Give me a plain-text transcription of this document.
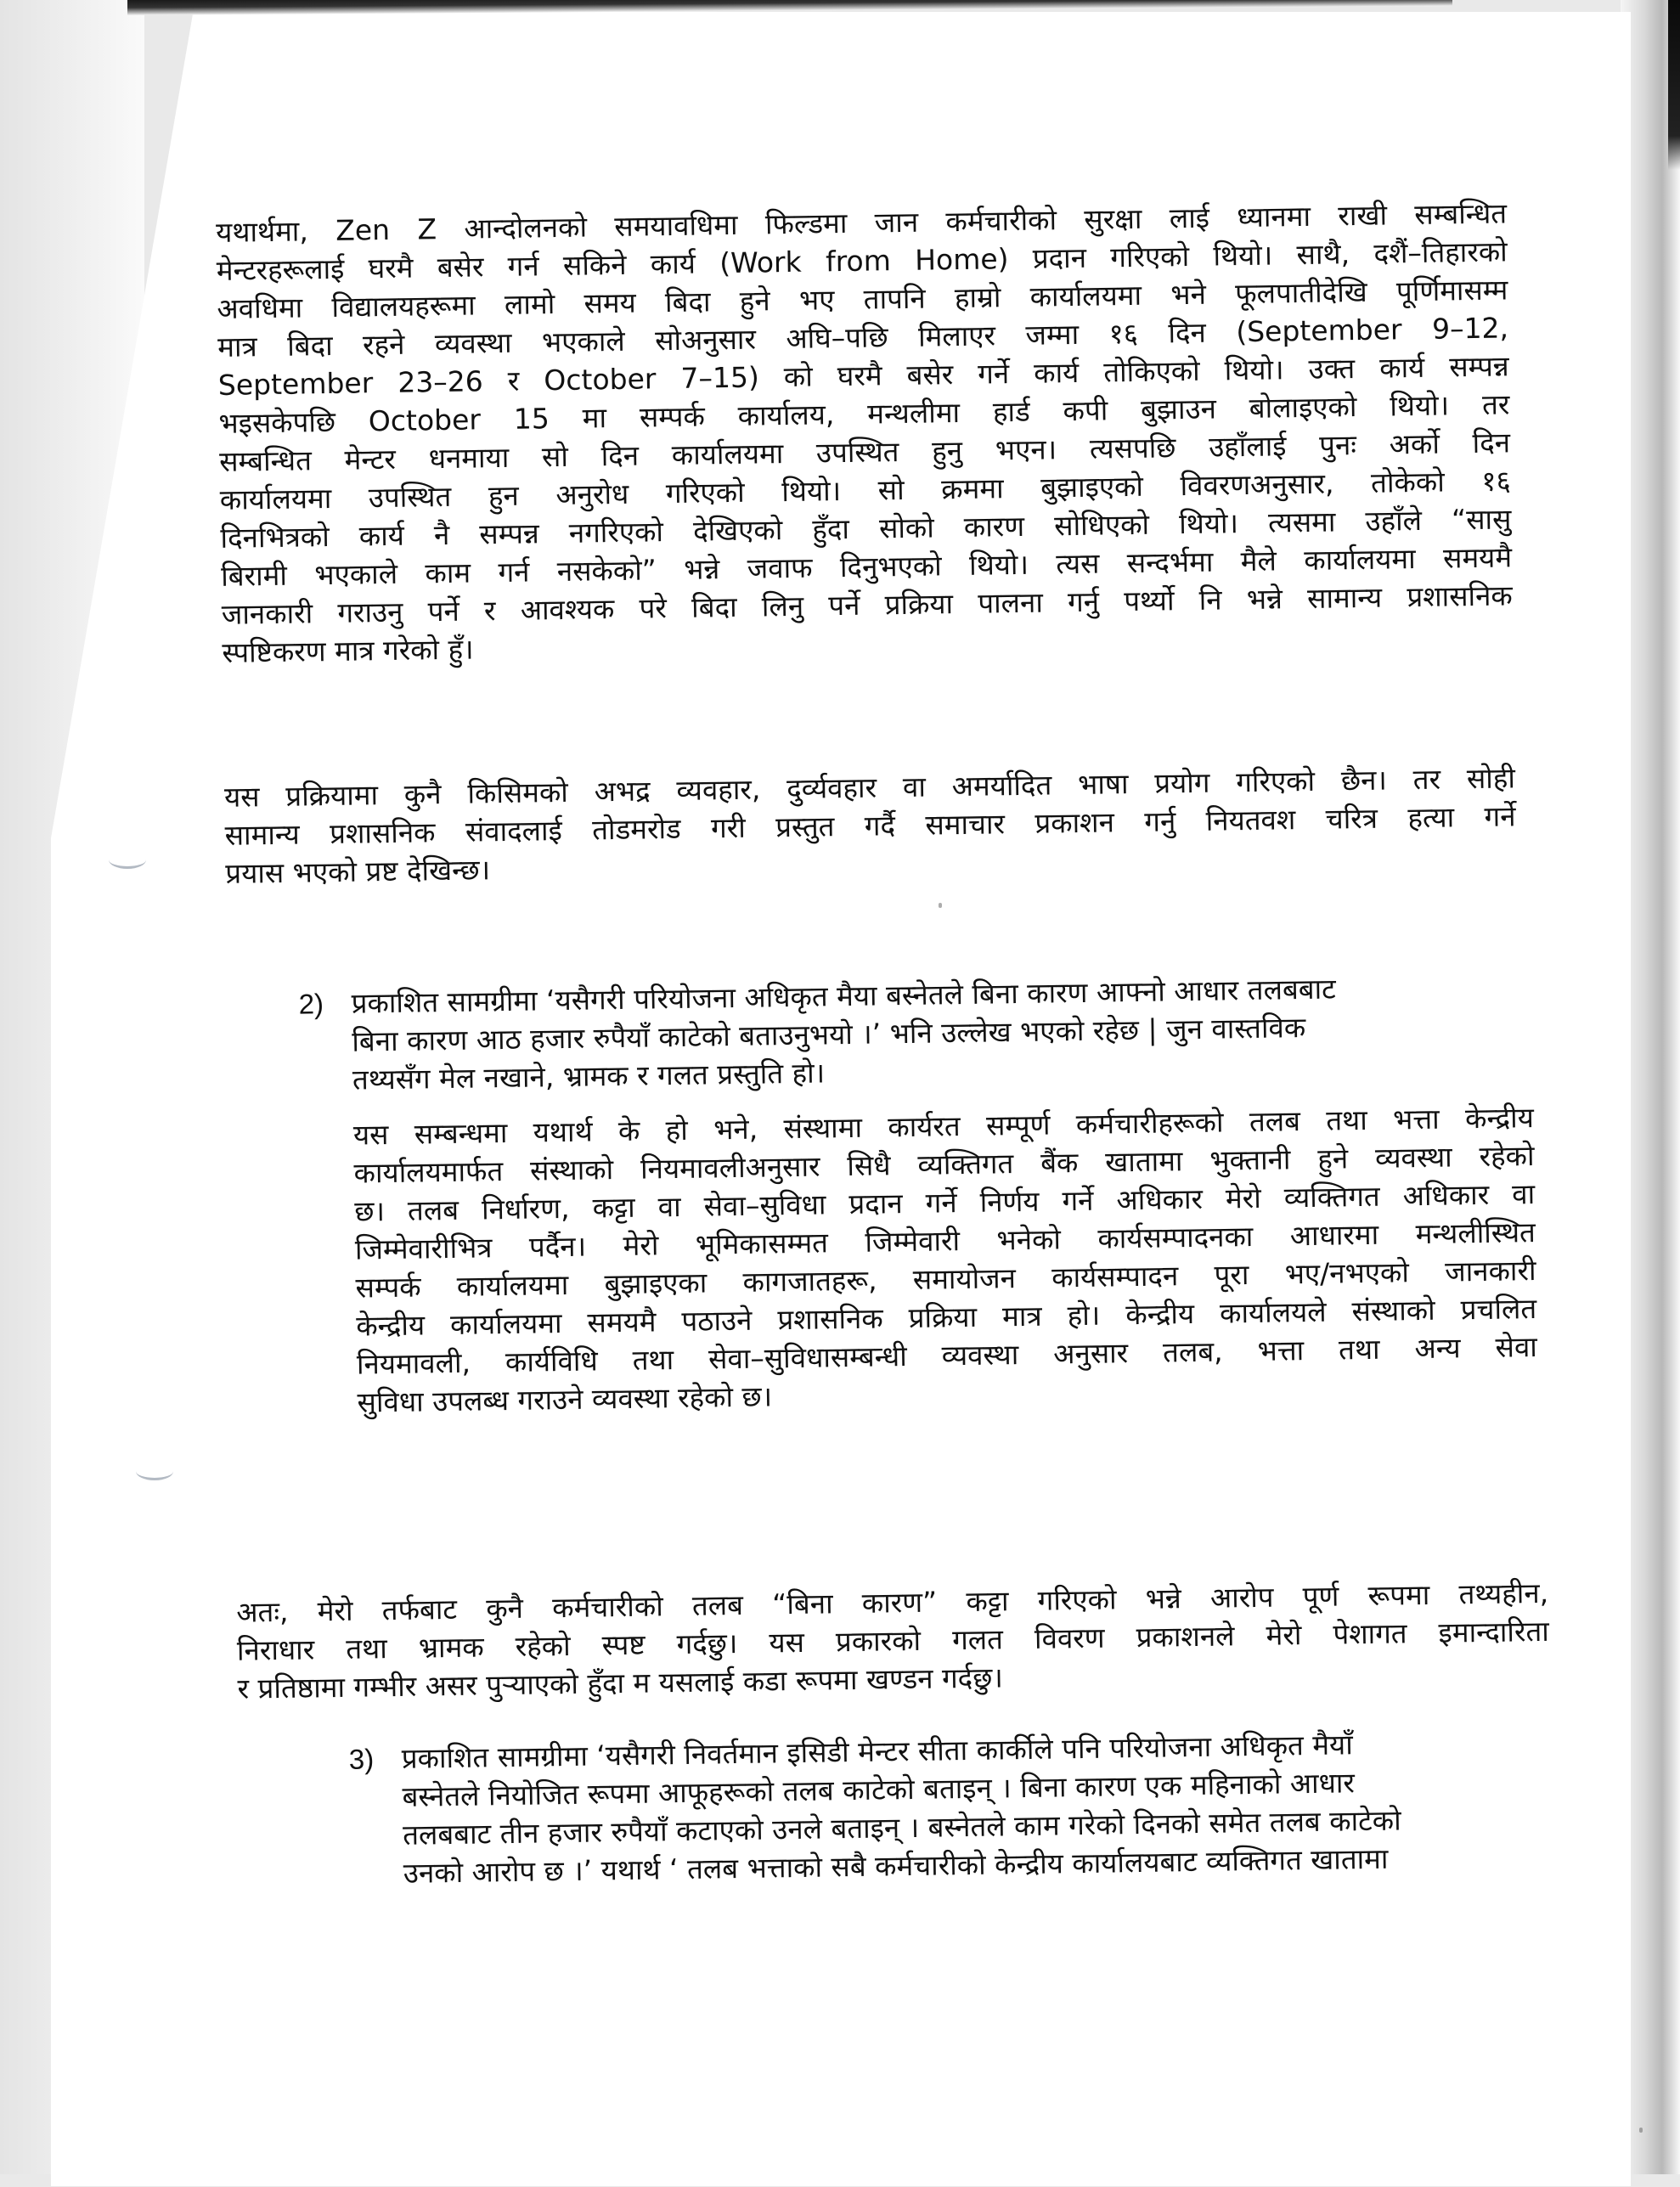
यथार्थमा, Zen Z आन्दोलनको समयावधिमा फिल्डमा जान कर्मचारीको सुरक्षा लाई ध्यानमा राखी सम्बन्धित
मेन्टरहरूलाई घरमै बसेर गर्न सकिने कार्य (Work from Home) प्रदान गरिएको थियो। साथै, दशैं–तिहारको
अवधिमा विद्यालयहरूमा लामो समय बिदा हुने भए तापनि हाम्रो कार्यालयमा भने फूलपातीदेखि पूर्णिमासम्म
मात्र बिदा रहने व्यवस्था भएकाले सोअनुसार अघि–पछि मिलाएर जम्मा १६ दिन (September 9–12,
September 23–26 र October 7–15) को घरमै बसेर गर्ने कार्य तोकिएको थियो। उक्त कार्य सम्पन्न
भइसकेपछि October 15 मा सम्पर्क कार्यालय, मन्थलीमा हार्ड कपी बुझाउन बोलाइएको थियो। तर
सम्बन्धित मेन्टर धनमाया सो दिन कार्यालयमा उपस्थित हुनु भएन। त्यसपछि उहाँलाई पुनः अर्को दिन
कार्यालयमा उपस्थित हुन अनुरोध गरिएको थियो। सो क्रममा बुझाइएको विवरणअनुसार, तोकेको १६
दिनभित्रको कार्य नै सम्पन्न नगरिएको देखिएको हुँदा सोको कारण सोधिएको थियो। त्यसमा उहाँले “सासु
बिरामी भएकाले काम गर्न नसकेको” भन्ने जवाफ दिनुभएको थियो। त्यस सन्दर्भमा मैले कार्यालयमा समयमै
जानकारी गराउनु पर्ने र आवश्यक परे बिदा लिनु पर्ने प्रक्रिया पालना गर्नु पर्थ्यो नि भन्ने सामान्य प्रशासनिक
स्पष्टिकरण मात्र गरेको हुँ।
यस प्रक्रियामा कुनै किसिमको अभद्र व्यवहार, दुर्व्यवहार वा अमर्यादित भाषा प्रयोग गरिएको छैन। तर सोही
सामान्य प्रशासनिक संवादलाई तोडमरोड गरी प्रस्तुत गर्दै समाचार प्रकाशन गर्नु नियतवश चरित्र हत्या गर्ने
प्रयास भएको प्रष्ट देखिन्छ।
2) प्रकाशित सामग्रीमा ‘यसैगरी परियोजना अधिकृत मैया बस्नेतले बिना कारण आफ्नो आधार तलबबाट
बिना कारण आठ हजार रुपैयाँ काटेको बताउनुभयो ।’ भनि उल्लेख भएको रहेछ | जुन वास्तविक
तथ्यसँग मेल नखाने, भ्रामक र गलत प्रस्तुति हो।
यस सम्बन्धमा यथार्थ के हो भने, संस्थामा कार्यरत सम्पूर्ण कर्मचारीहरूको तलब तथा भत्ता केन्द्रीय
कार्यालयमार्फत संस्थाको नियमावलीअनुसार सिधै व्यक्तिगत बैंक खातामा भुक्तानी हुने व्यवस्था रहेको
छ। तलब निर्धारण, कट्टा वा सेवा–सुविधा प्रदान गर्ने निर्णय गर्ने अधिकार मेरो व्यक्तिगत अधिकार वा
जिम्मेवारीभित्र पर्दैन। मेरो भूमिकासम्मत जिम्मेवारी भनेको कार्यसम्पादनका आधारमा मन्थलीस्थित
सम्पर्क कार्यालयमा बुझाइएका कागजातहरू, समायोजन कार्यसम्पादन पूरा भए/नभएको जानकारी
केन्द्रीय कार्यालयमा समयमै पठाउने प्रशासनिक प्रक्रिया मात्र हो। केन्द्रीय कार्यालयले संस्थाको प्रचलित
नियमावली, कार्यविधि तथा सेवा–सुविधासम्बन्धी व्यवस्था अनुसार तलब, भत्ता तथा अन्य सेवा
सुविधा उपलब्ध गराउने व्यवस्था रहेको छ।
अतः, मेरो तर्फबाट कुनै कर्मचारीको तलब “बिना कारण” कट्टा गरिएको भन्ने आरोप पूर्ण रूपमा तथ्यहीन,
निराधार तथा भ्रामक रहेको स्पष्ट गर्दछु। यस प्रकारको गलत विवरण प्रकाशनले मेरो पेशागत इमान्दारिता
र प्रतिष्ठामा गम्भीर असर पुऱ्याएको हुँदा म यसलाई कडा रूपमा खण्डन गर्दछु।
3) प्रकाशित सामग्रीमा ‘यसैगरी निवर्तमान इसिडी मेन्टर सीता कार्कीले पनि परियोजना अधिकृत मैयाँ
बस्नेतले नियोजित रूपमा आफूहरूको तलब काटेको बताइन् । बिना कारण एक महिनाको आधार
तलबबाट तीन हजार रुपैयाँ कटाएको उनले बताइन् । बस्नेतले काम गरेको दिनको समेत तलब काटेको
उनको आरोप छ ।’ यथार्थ ‘ तलब भत्ताको सबै कर्मचारीको केन्द्रीय कार्यालयबाट व्यक्तिगत खातामा
